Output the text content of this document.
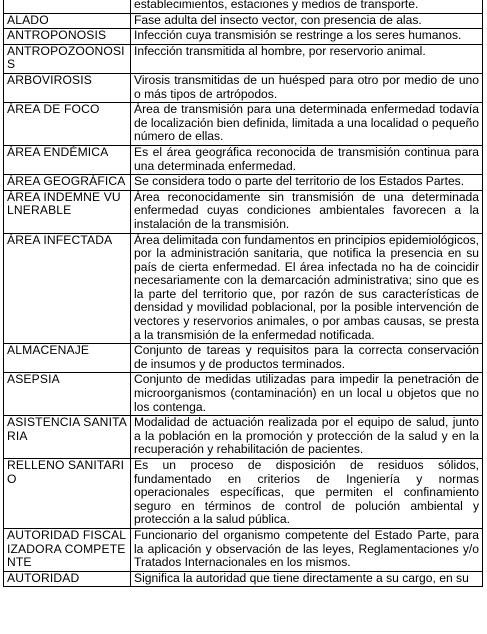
	establecimientos, estaciones y medios de transporte.
ALADO	Fase adulta del insecto vector, con presencia de alas.
ANTROPONOSIS	Infección cuya transmisión se restringe a los seres humanos.
ANTROPOZOONOSIS	Infección transmitida al hombre, por reservorio animal.
ARBOVIROSIS	Virosis transmitidas de un huésped para otro por medio de uno o más tipos de artrópodos.
ÁREA DE FOCO	Área de transmisión para una determinada enfermedad todavía de localización bien definida, limitada a una localidad o pequeño número de ellas.
ÁREA ENDÉMICA	Es el área geográfica reconocida de transmisión continua para una determinada enfermedad.
ÁREA GEOGRÁFICA	Se considera todo o parte del territorio de los Estados Partes.
ÁREA INDEMNE VULNERABLE	Área reconocidamente sin transmisión de una determinada enfermedad cuyas condiciones ambientales favorecen a la instalación de la transmisión.
ÁREA INFECTADA	Área delimitada con fundamentos en principios epidemiológicos, por la administración sanitaria, que notifica la presencia en su país de cierta enfermedad. El área infectada no ha de coincidir necesariamente con la demarcación administrativa; sino que es la parte del territorio que, por razón de sus características de densidad y movilidad poblacional, por la posible intervención de vectores y reservorios animales, o por ambas causas, se presta a la transmisión de la enfermedad notificada.
ALMACENAJE	Conjunto de tareas y requisitos para la correcta conservación de insumos y de productos terminados.
ASEPSIA	Conjunto de medidas utilizadas para impedir la penetración de microorganismos (contaminación) en un local u objetos que no los contenga.
ASISTENCIA SANITARIA	Modalidad de actuación realizada por el equipo de salud, junto a la población en la promoción y protección de la salud y en la recuperación y rehabilitación de pacientes.
RELLENO SANITARIO	Es un proceso de disposición de residuos sólidos, fundamentado en criterios de Ingeniería y normas operacionales específicas, que permiten el confinamiento seguro en términos de control de polución ambiental y protección a la salud pública.
AUTORIDAD FISCALIZADORA COMPETENTE	Funcionario del organismo competente del Estado Parte, para la aplicación y observación de las leyes, Reglamentaciones y/o Tratados Internacionales en los mismos.
AUTORIDAD	Significa la autoridad que tiene directamente a su cargo, en su
